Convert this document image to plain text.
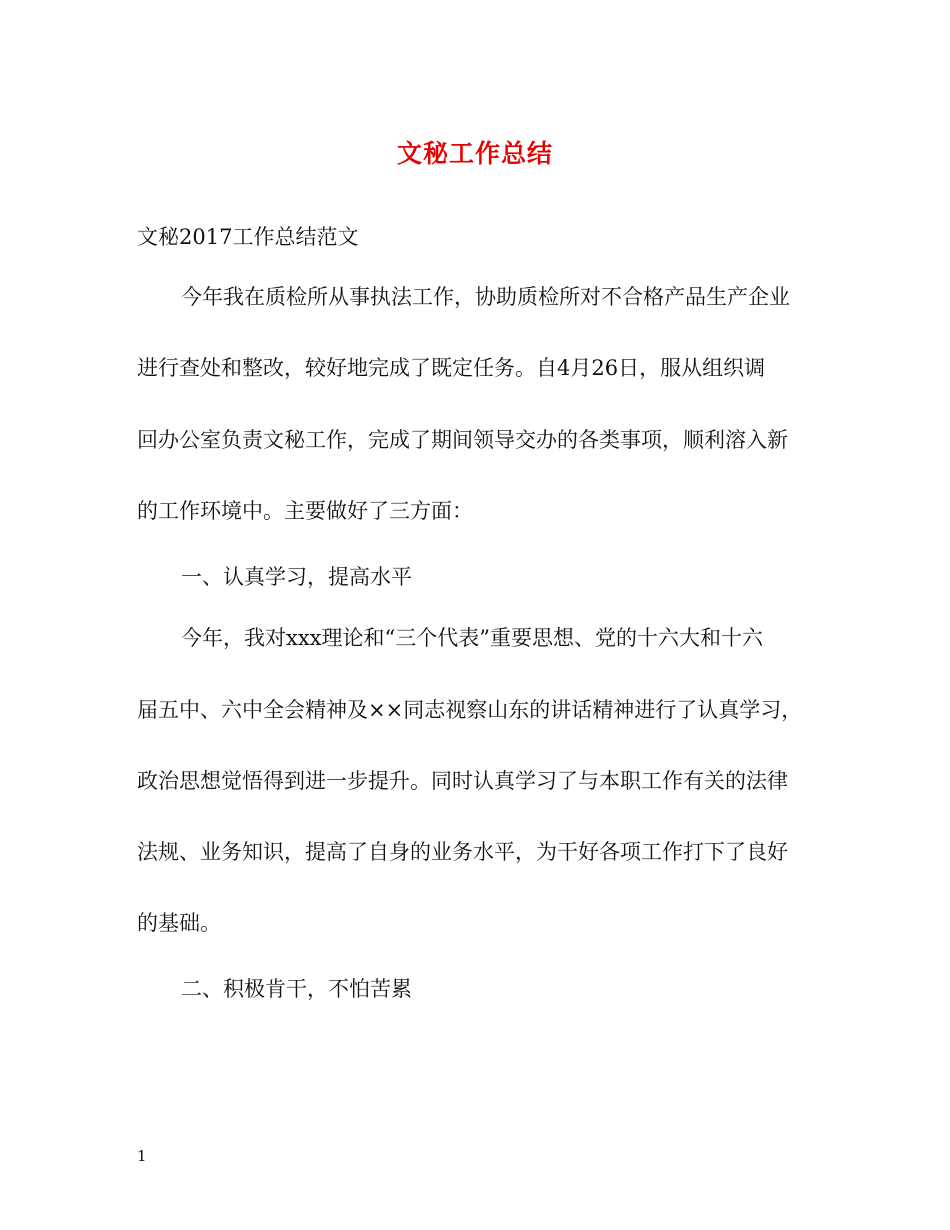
文秘工作总结
文秘2017工作总结范文
今年我在质检所从事执法工作，协助质检所对不合格产品生产企业
进行查处和整改，较好地完成了既定任务。自4月26日，服从组织调
回办公室负责文秘工作，完成了期间领导交办的各类事项，顺利溶入新
的工作环境中。主要做好了三方面：
一、认真学习，提高水平
今年，我对xxx理论和“三个代表”重要思想、党的十六大和十六
届五中、六中全会精神及××同志视察山东的讲话精神进行了认真学习，
政治思想觉悟得到进一步提升。同时认真学习了与本职工作有关的法律
法规、业务知识，提高了自身的业务水平，为干好各项工作打下了良好
的基础。
二、积极肯干，不怕苦累
1
